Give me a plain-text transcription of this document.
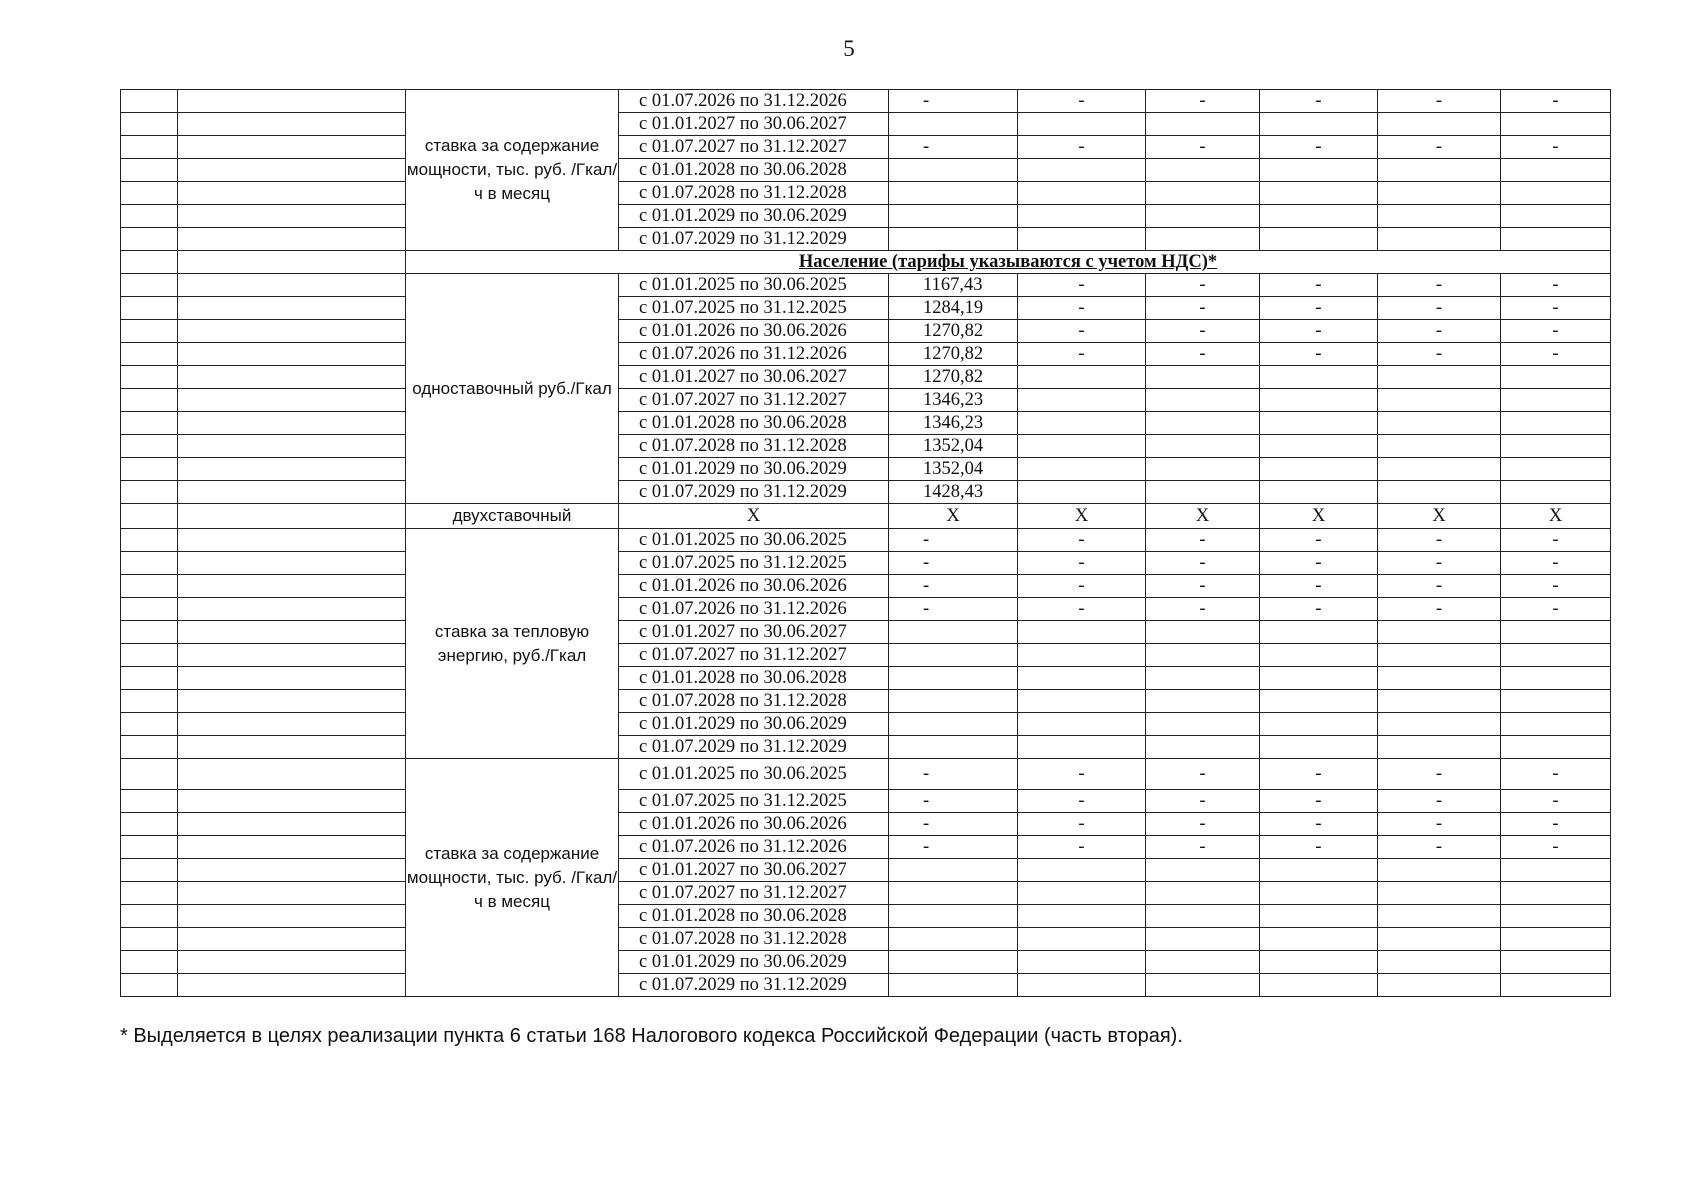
5
		ставка за содержание мощности, тыс. руб. /Гкал/ч в месяц	с 01.07.2026 по 31.12.2026	-	-	-	-	-	-
			с 01.01.2027 по 30.06.2027						
			с 01.07.2027 по 31.12.2027	-	-	-	-	-	-
			с 01.01.2028 по 30.06.2028						
			с 01.07.2028 по 31.12.2028						
			с 01.01.2029 по 30.06.2029						
			с 01.07.2029 по 31.12.2029						
		Население (тарифы указываются с учетом НДС)*							
		одноставочный руб./Гкал	с 01.01.2025 по 30.06.2025	1167,43	-	-	-	-	-
			с 01.07.2025 по 31.12.2025	1284,19	-	-	-	-	-
			с 01.01.2026 по 30.06.2026	1270,82	-	-	-	-	-
			с 01.07.2026 по 31.12.2026	1270,82	-	-	-	-	-
			с 01.01.2027 по 30.06.2027	1270,82					
			с 01.07.2027 по 31.12.2027	1346,23					
			с 01.01.2028 по 30.06.2028	1346,23					
			с 01.07.2028 по 31.12.2028	1352,04					
			с 01.01.2029 по 30.06.2029	1352,04					
			с 01.07.2029 по 31.12.2029	1428,43					
		двухставочный	Х	Х	Х	Х	Х	Х	Х
		ставка за тепловую энергию, руб./Гкал	с 01.01.2025 по 30.06.2025	-	-	-	-	-	-
			с 01.07.2025 по 31.12.2025	-	-	-	-	-	-
			с 01.01.2026 по 30.06.2026	-	-	-	-	-	-
			с 01.07.2026 по 31.12.2026	-	-	-	-	-	-
			с 01.01.2027 по 30.06.2027						
			с 01.07.2027 по 31.12.2027						
			с 01.01.2028 по 30.06.2028						
			с 01.07.2028 по 31.12.2028						
			с 01.01.2029 по 30.06.2029						
			с 01.07.2029 по 31.12.2029						
		ставка за содержание мощности, тыс. руб. /Гкал/ч в месяц	с 01.01.2025 по 30.06.2025	-	-	-	-	-	-
			с 01.07.2025 по 31.12.2025	-	-	-	-	-	-
			с 01.01.2026 по 30.06.2026	-	-	-	-	-	-
			с 01.07.2026 по 31.12.2026	-	-	-	-	-	-
			с 01.01.2027 по 30.06.2027						
			с 01.07.2027 по 31.12.2027						
			с 01.01.2028 по 30.06.2028						
			с 01.07.2028 по 31.12.2028						
			с 01.01.2029 по 30.06.2029						
			с 01.07.2029 по 31.12.2029						
* Выделяется в целях реализации пункта 6 статьи 168 Налогового кодекса Российской Федерации (часть вторая).
